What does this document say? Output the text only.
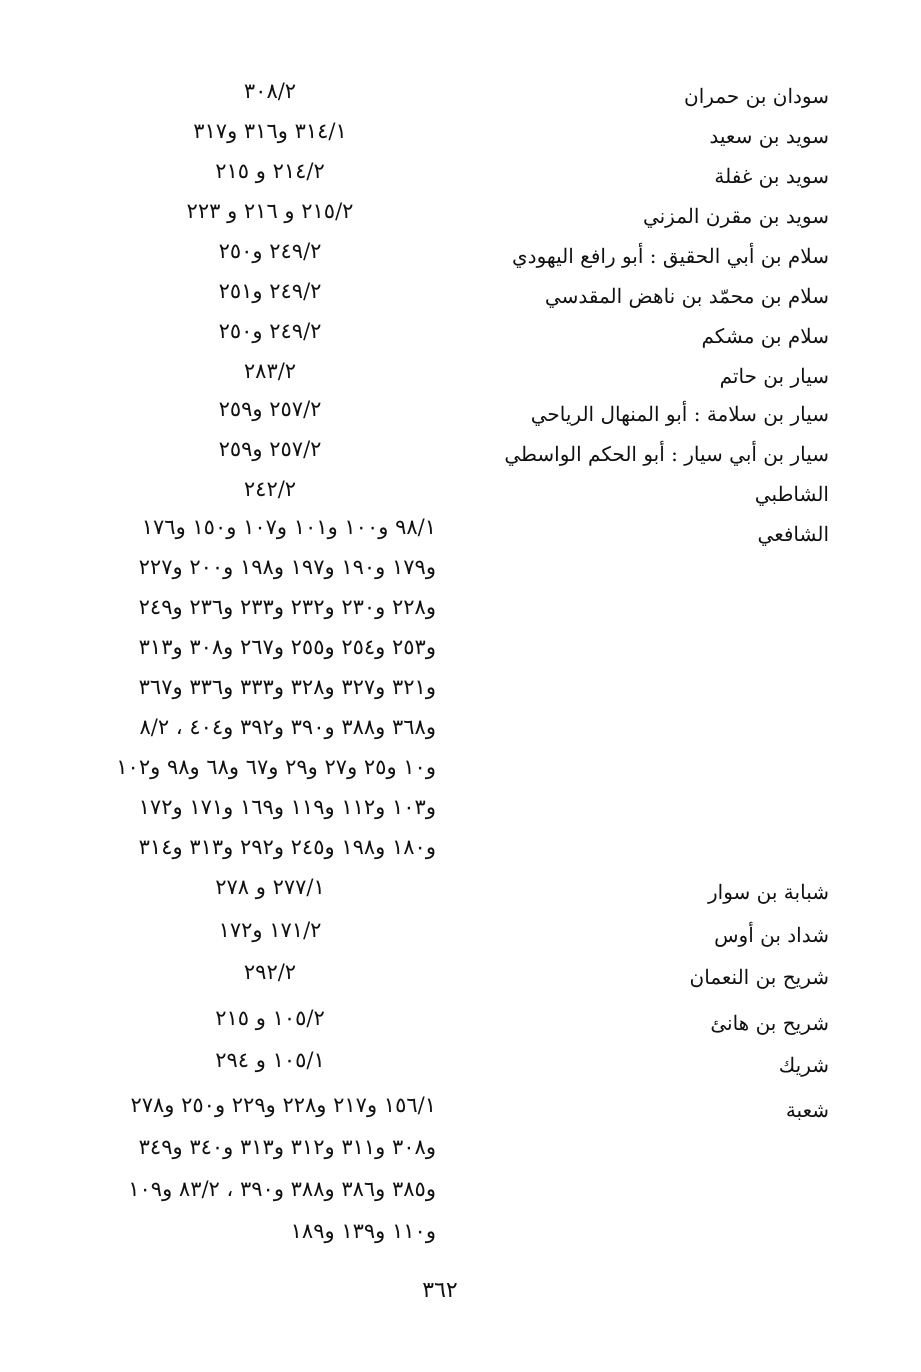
سودان بن حمران
٣٠٨/٢
سويد بن سعيد
٣١٤/١ و٣١٦ و٣١٧
سويد بن غفلة
٢١٤/٢ و ٢١٥
سويد بن مقرن المزني
٢١٥/٢ و ٢١٦ و ٢٢٣
سلام بن أبي الحقيق : أبو رافع اليهودي
٢٤٩/٢ و٢٥٠
سلام بن محمّد بن ناهض المقدسي
٢٤٩/٢ و٢٥١
سلام بن مشكم
٢٤٩/٢ و٢٥٠
سيار بن حاتم
٢٨٣/٢
سيار بن سلامة : أبو المنهال الرياحي
٢٥٧/٢ و٢٥٩
سيار بن أبي سيار : أبو الحكم الواسطي
٢٥٧/٢ و٢٥٩
الشاطبي
٢٤٢/٢
الشافعي
٩٨/١ و١٠٠ و١٠١ و١٠٧ و١٥٠ و١٧٦
و١٧٩ و١٩٠ و١٩٧ و١٩٨ و٢٠٠ و٢٢٧
و٢٢٨ و٢٣٠ و٢٣٢ و٢٣٣ و٢٣٦ و٢٤٩
و٢٥٣ و٢٥٤ و٢٥٥ و٢٦٧ و٣٠٨ و٣١٣
و٣٢١ و٣٢٧ و٣٢٨ و٣٣٣ و٣٣٦ و٣٦٧
و٣٦٨ و٣٨٨ و٣٩٠ و٣٩٢ و٤٠٤ ، ٨/٢
و١٠ و٢٥ و٢٧ و٢٩ و٦٧ و٦٨ و٩٨ و١٠٢
و١٠٣ و١١٢ و١١٩ و١٦٩ و١٧١ و١٧٢
و١٨٠ و١٩٨ و٢٤٥ و٢٩٢ و٣١٣ و٣١٤
شبابة بن سوار
٢٧٧/١ و ٢٧٨
شداد بن أوس
١٧١/٢ و١٧٢
شريح بن النعمان
٢٩٢/٢
شريح بن هانئ
١٠٥/٢ و ٢١٥
شريك
١٠٥/١ و ٢٩٤
شعبة
١٥٦/١ و٢١٧ و٢٢٨ و٢٢٩ و٢٥٠ و٢٧٨
و٣٠٨ و٣١١ و٣١٢ و٣١٣ و٣٤٠ و٣٤٩
و٣٨٥ و٣٨٦ و٣٨٨ و٣٩٠ ، ٨٣/٢ و١٠٩
و١١٠ و١٣٩ و١٨٩
٣٦٢
